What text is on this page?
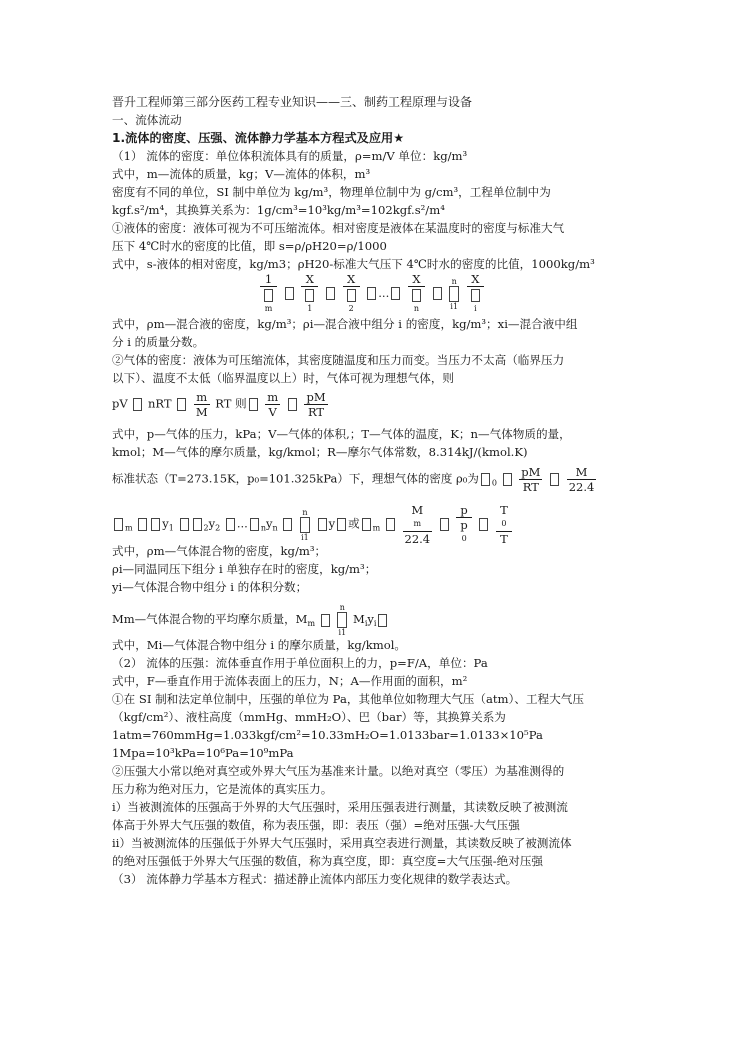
晋升工程师第三部分医药工程专业知识——三、制药工程原理与设备
一、流体流动
1.流体的密度、压强、流体静力学基本方程式及应用★
（1） 流体的密度：单位体积流体具有的质量，ρ=m/V 单位：kg/m³
式中，m—流体的质量，kg；V—流体的体积，m³
密度有不同的单位，SI 制中单位为 kg/m³，物理单位制中为 g/cm³，工程单位制中为
kgf.s²/m⁴，其换算关系为：1g/cm³=10³kg/m³=102kgf.s²/m⁴
①液体的密度：液体可视为不可压缩流体。相对密度是液体在某温度时的密度与标准大气
压下 4℃时水的密度的比值，即 s=ρ/ρH20=ρ/1000
式中，s-液体的相对密度，kg/m3；ρH20-标准大气压下 4℃时水的密度的比值，1000kg/m³
$\frac{1}{m}$
$\frac{X}{1}$
$\frac{X}{2}$ ... $\frac{X}{n}$	n
$i1 \frac{X}{i}$
式中，ρm—混合液的密度，kg/m³；ρi—混合液中组分 i 的密度，kg/m³；xi—混合液中组
分 i 的质量分数。
②气体的密度：液体为可压缩流体，其密度随温度和压力而变。当压力不太高（临界压力
以下）、温度不太低（临界温度以上）时，气体可视为理想气体，则
pV nRT $\frac{m}{M}$ RT 则 $\frac{m}{V}$
$\frac{pM}{RT}$
式中，p—气体的压力，kPa；V—气体的体积,；T—气体的温度，K；n—气体物质的量，
kmol；M—气体的摩尔质量，kg/kmol；R—摩尔气体常数，8.314kJ/(kmol.K)
标准状态（T=273.15K，p₀=101.325kPa）下，理想气体的密度 ρ₀为 $_0 \frac{pM}{RT}$
$\frac{M}{22.4}$
$_m$	$y_1$	$_2y_2$ ... $_ny_n$  n
i1 y 或 $_m$ M
m
22.4
p
p
0
T
0
T
式中，ρm—气体混合物的密度，kg/m³；
ρi—同温同压下组分 i 单独存在时的密度，kg/m³；
yi—气体混合物中组分 i 的体积分数；
Mm—气体混合物的平均摩尔质量，$M_m$  n
i1 $M_iy_i$
式中，Mi—气体混合物中组分 i 的摩尔质量，kg/kmol。
（2） 流体的压强：流体垂直作用于单位面积上的力，p=F/A，单位：Pa
式中，F—垂直作用于流体表面上的压力，N；A—作用面的面积，m²
①在 SI 制和法定单位制中，压强的单位为 Pa，其他单位如物理大气压（atm）、工程大气压
（kgf/cm²）、液柱高度（mmHg、mmH₂O）、巴（bar）等，其换算关系为
1atm=760mmHg=1.033kgf/cm²=10.33mH₂O=1.0133bar=1.0133×10⁵Pa
1Mpa=10³kPa=10⁶Pa=10⁹mPa
②压强大小常以绝对真空或外界大气压为基准来计量。以绝对真空（零压）为基准测得的
压力称为绝对压力，它是流体的真实压力。
ⅰ）当被测流体的压强高于外界的大气压强时，采用压强表进行测量，其读数反映了被测流
体高于外界大气压强的数值，称为表压强，即：表压（强）=绝对压强-大气压强
ⅱ）当被测流体的压强低于外界大气压强时，采用真空表进行测量，其读数反映了被测流体
的绝对压强低于外界大气压强的数值，称为真空度，即：真空度=大气压强-绝对压强
（3） 流体静力学基本方程式：描述静止流体内部压力变化规律的数学表达式。
